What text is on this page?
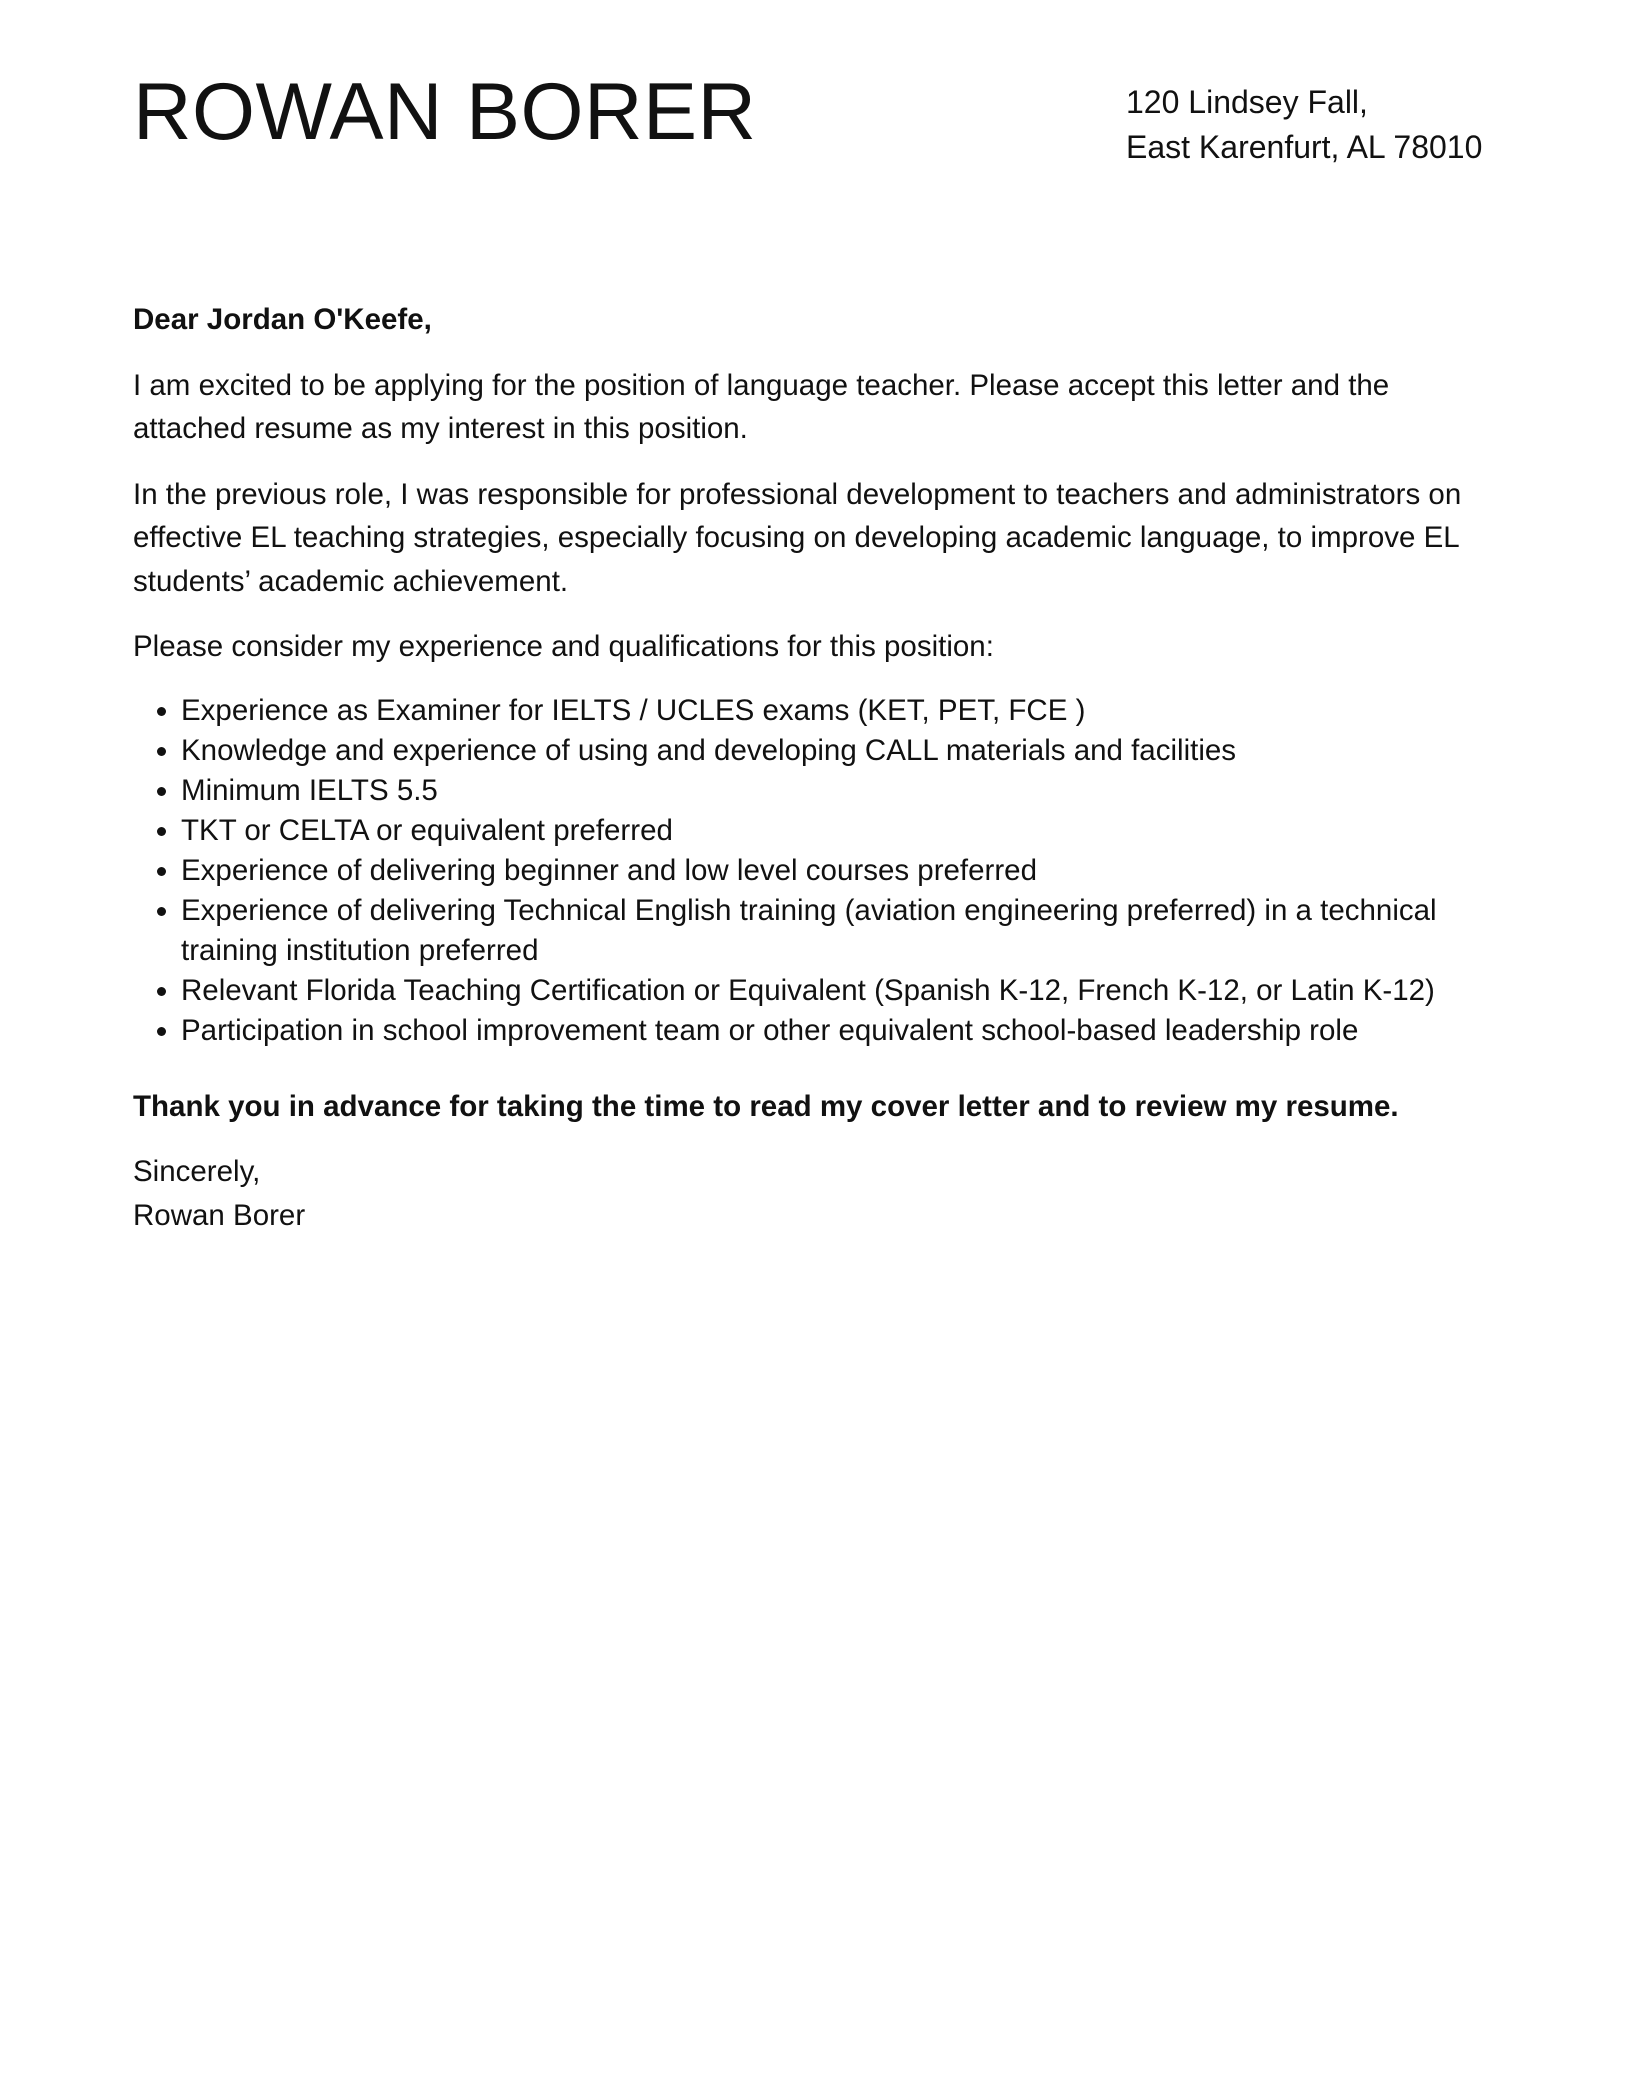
ROWAN BORER	120 Lindsey Fall,
East Karenfurt, AL 78010

Dear Jordan O'Keefe,

I am excited to be applying for the position of language teacher. Please accept this letter and the attached resume as my interest in this position.

In the previous role, I was responsible for professional development to teachers and administrators on effective EL teaching strategies, especially focusing on developing academic language, to improve EL students’ academic achievement.

Please consider my experience and qualifications for this position:

• Experience as Examiner for IELTS / UCLES exams (KET, PET, FCE )
• Knowledge and experience of using and developing CALL materials and facilities
• Minimum IELTS 5.5
• TKT or CELTA or equivalent preferred
• Experience of delivering beginner and low level courses preferred
• Experience of delivering Technical English training (aviation engineering preferred) in a technical training institution preferred
• Relevant Florida Teaching Certification or Equivalent (Spanish K-12, French K-12, or Latin K-12)
• Participation in school improvement team or other equivalent school-based leadership role

Thank you in advance for taking the time to read my cover letter and to review my resume.

Sincerely,

Rowan Borer
